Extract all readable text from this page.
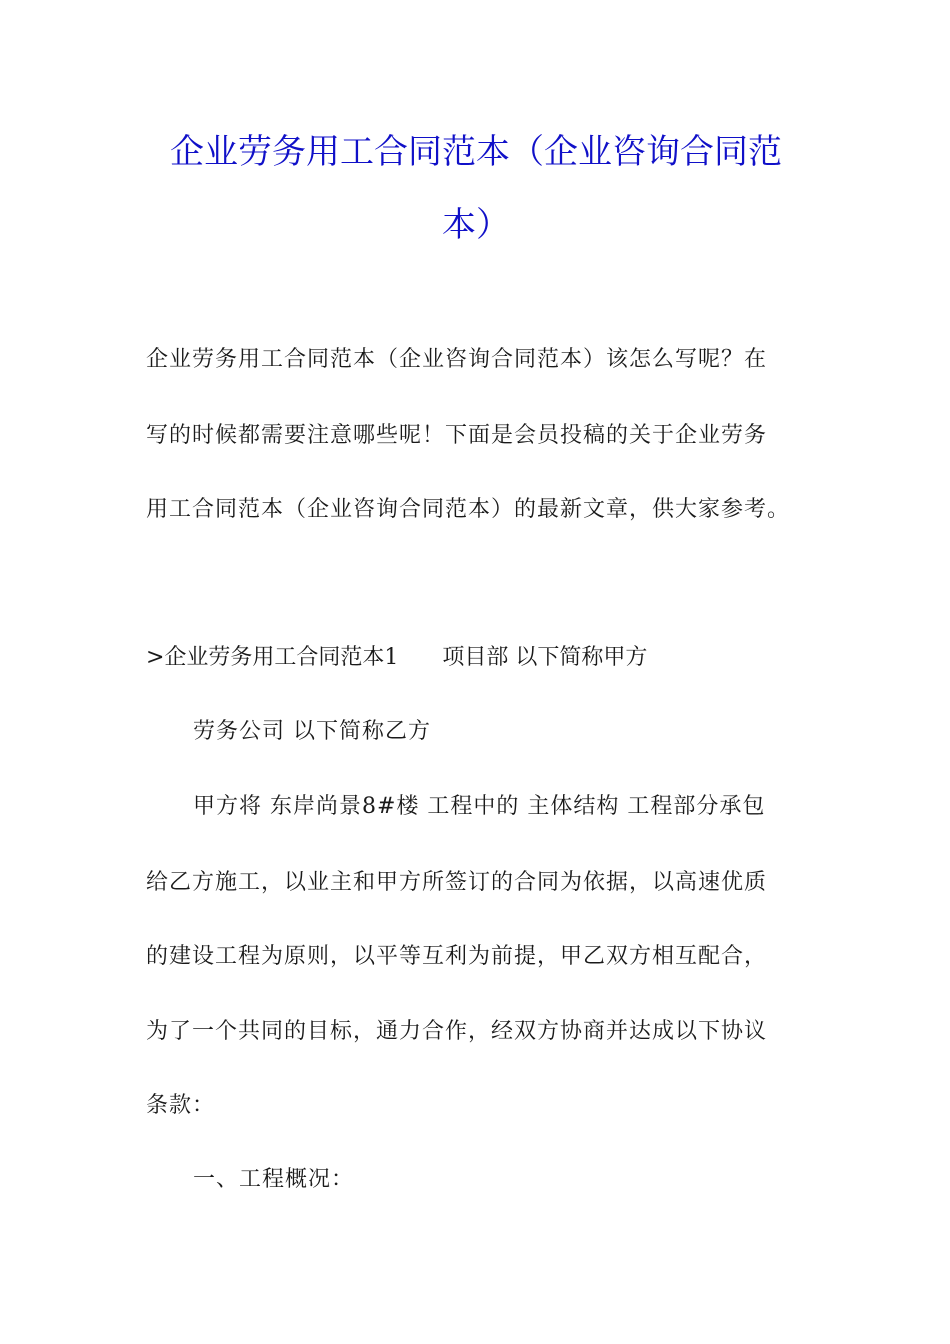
企业劳务用工合同范本（企业咨询合同范
本）
企业劳务用工合同范本（企业咨询合同范本）该怎么写呢？在
写的时候都需要注意哪些呢！下面是会员投稿的关于企业劳务
用工合同范本（企业咨询合同范本）的最新文章，供大家参考。
>企业劳务用工合同范本1　　项目部 以下简称甲方
劳务公司 以下简称乙方
甲方将 东岸尚景8#楼 工程中的 主体结构 工程部分承包
给乙方施工，以业主和甲方所签订的合同为依据，以高速优质
的建设工程为原则，以平等互利为前提，甲乙双方相互配合，
为了一个共同的目标，通力合作，经双方协商并达成以下协议
条款：
一、工程概况：
